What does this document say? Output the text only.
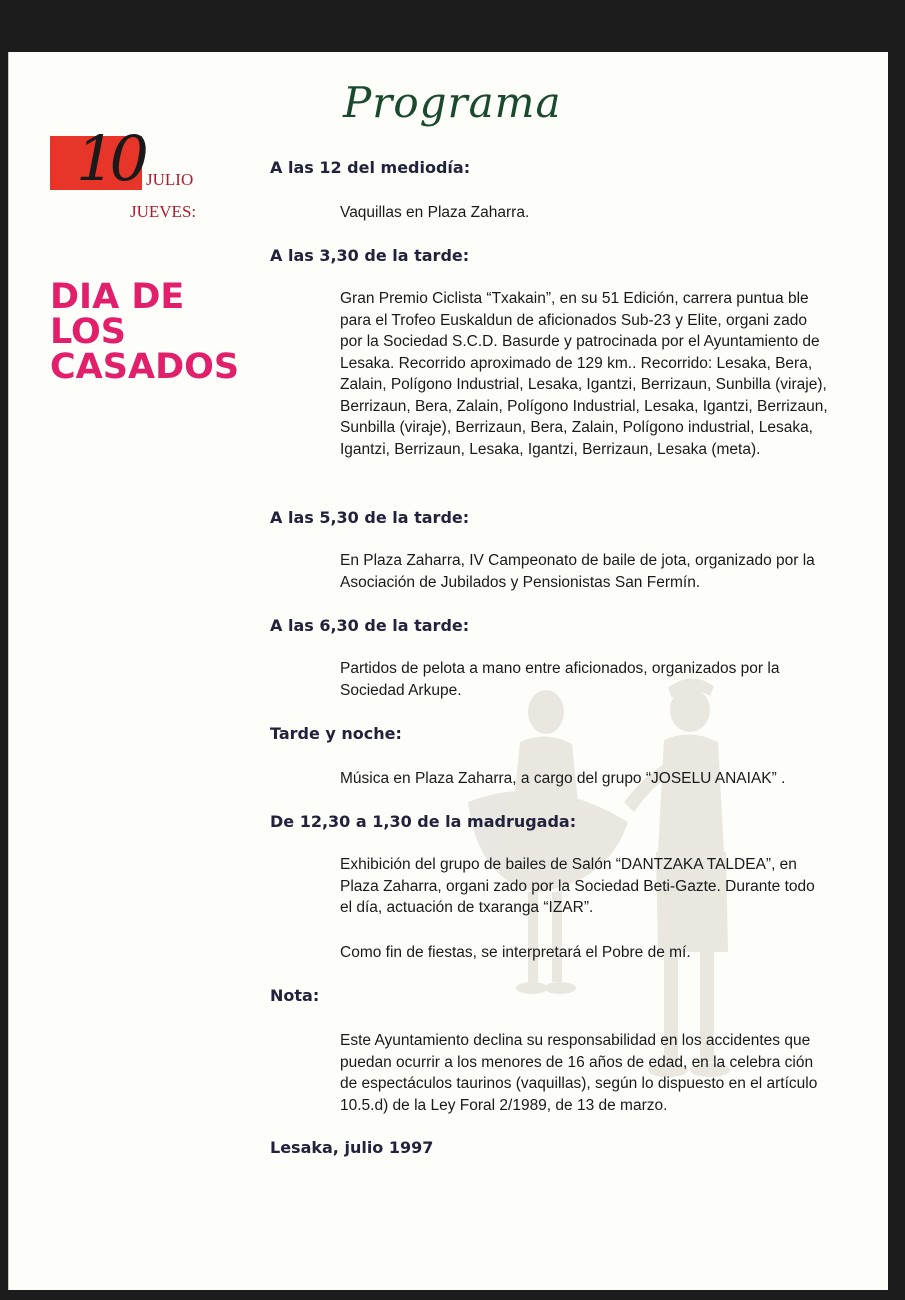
Programa
10 JULIO
JUEVES:
DIA DE
LOS
CASADOS
A las 12 del mediodía:
Vaquillas en Plaza Zaharra.
A las 3,30 de la tarde:
Gran Premio Ciclista “Txakain”, en su 51 Edición, carrera puntua ble para el Trofeo Euskaldun de aficionados Sub-23 y Elite, organi zado por la Sociedad S.C.D. Basurde y patrocinada por el Ayuntamiento de Lesaka. Recorrido aproximado de 129 km.. Recorrido: Lesaka, Bera, Zalain, Polígono Industrial, Lesaka, Igantzi, Berrizaun, Sunbilla (viraje), Berrizaun, Bera, Zalain, Polígono Industrial, Lesaka, Igantzi, Berrizaun, Sunbilla (viraje), Berrizaun, Bera, Zalain, Polígono industrial, Lesaka, Igantzi, Berrizaun, Lesaka, Igantzi, Berrizaun, Lesaka (meta).
A las 5,30 de la tarde:
En Plaza Zaharra, IV Campeonato de baile de jota, organizado por la Asociación de Jubilados y Pensionistas San Fermín.
A las 6,30 de la tarde:
Partidos de pelota a mano entre aficionados, organizados por la Sociedad Arkupe.
Tarde y noche:
Música en Plaza Zaharra, a cargo del grupo “JOSELU ANAIAK” .
De 12,30 a 1,30 de la madrugada:
Exhibición del grupo de bailes de Salón “DANTZAKA TALDEA”, en Plaza Zaharra, organi zado por la Sociedad Beti-Gazte. Durante todo el día, actuación de txaranga “IZAR”.
Como fin de fiestas, se interpretará el Pobre de mí.
Nota:
Este Ayuntamiento declina su responsabilidad en los accidentes que puedan ocurrir a los menores de 16 años de edad, en la celebra ción de espectáculos taurinos (vaquillas), según lo dispuesto en el artículo 10.5.d) de la Ley Foral 2/1989, de 13 de marzo.
Lesaka, julio 1997
